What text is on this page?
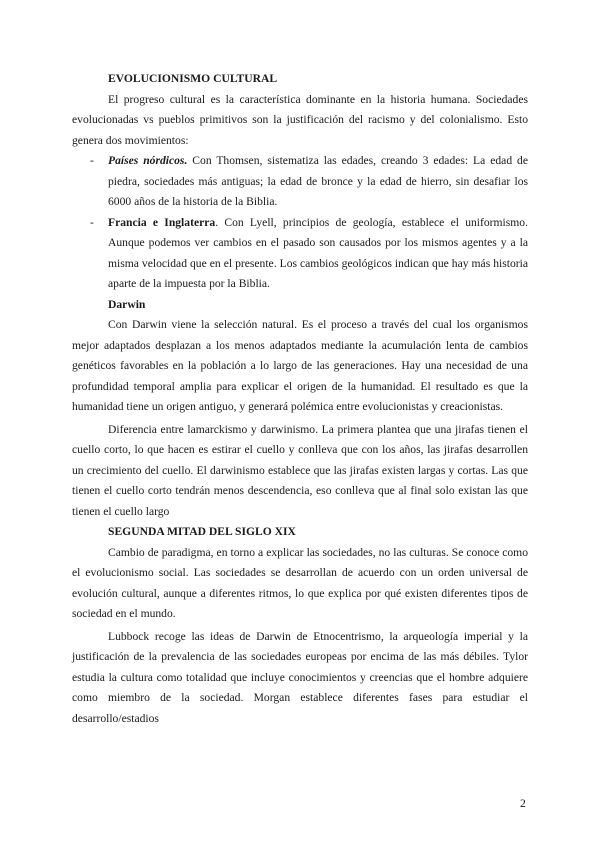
EVOLUCIONISMO CULTURAL

El progreso cultural es la característica dominante en la historia humana. Sociedades evolucionadas vs pueblos primitivos son la justificación del racismo y del colonialismo. Esto genera dos movimientos:

- Países nórdicos. Con Thomsen, sistematiza las edades, creando 3 edades: La edad de piedra, sociedades más antiguas; la edad de bronce y la edad de hierro, sin desafiar los 6000 años de la historia de la Biblia.
- Francia e Inglaterra. Con Lyell, principios de geología, establece el uniformismo. Aunque podemos ver cambios en el pasado son causados por los mismos agentes y a la misma velocidad que en el presente. Los cambios geológicos indican que hay más historia aparte de la impuesta por la Biblia.
Darwin

Con Darwin viene la selección natural. Es el proceso a través del cual los organismos mejor adaptados desplazan a los menos adaptados mediante la acumulación lenta de cambios genéticos favorables en la población a lo largo de las generaciones. Hay una necesidad de una profundidad temporal amplia para explicar el origen de la humanidad. El resultado es que la humanidad tiene un origen antiguo, y generará polémica entre evolucionistas y creacionistas.

Diferencia entre lamarckismo y darwinismo. La primera plantea que una jirafas tienen el cuello corto, lo que hacen es estirar el cuello y conlleva que con los años, las jirafas desarrollen un crecimiento del cuello. El darwinismo establece que las jirafas existen largas y cortas. Las que tienen el cuello corto tendrán menos descendencia, eso conlleva que al final solo existan las que tienen el cuello largo

SEGUNDA MITAD DEL SIGLO XIX

Cambio de paradigma, en torno a explicar las sociedades, no las culturas. Se conoce como el evolucionismo social. Las sociedades se desarrollan de acuerdo con un orden universal de evolución cultural, aunque a diferentes ritmos, lo que explica por qué existen diferentes tipos de sociedad en el mundo.

Lubbock recoge las ideas de Darwin de Etnocentrismo, la arqueología imperial y la justificación de la prevalencia de las sociedades europeas por encima de las más débiles. Tylor estudia la cultura como totalidad que incluye conocimientos y creencias que el hombre adquiere como miembro de la sociedad. Morgan establece diferentes fases para estudiar el desarrollo/estadios

2
